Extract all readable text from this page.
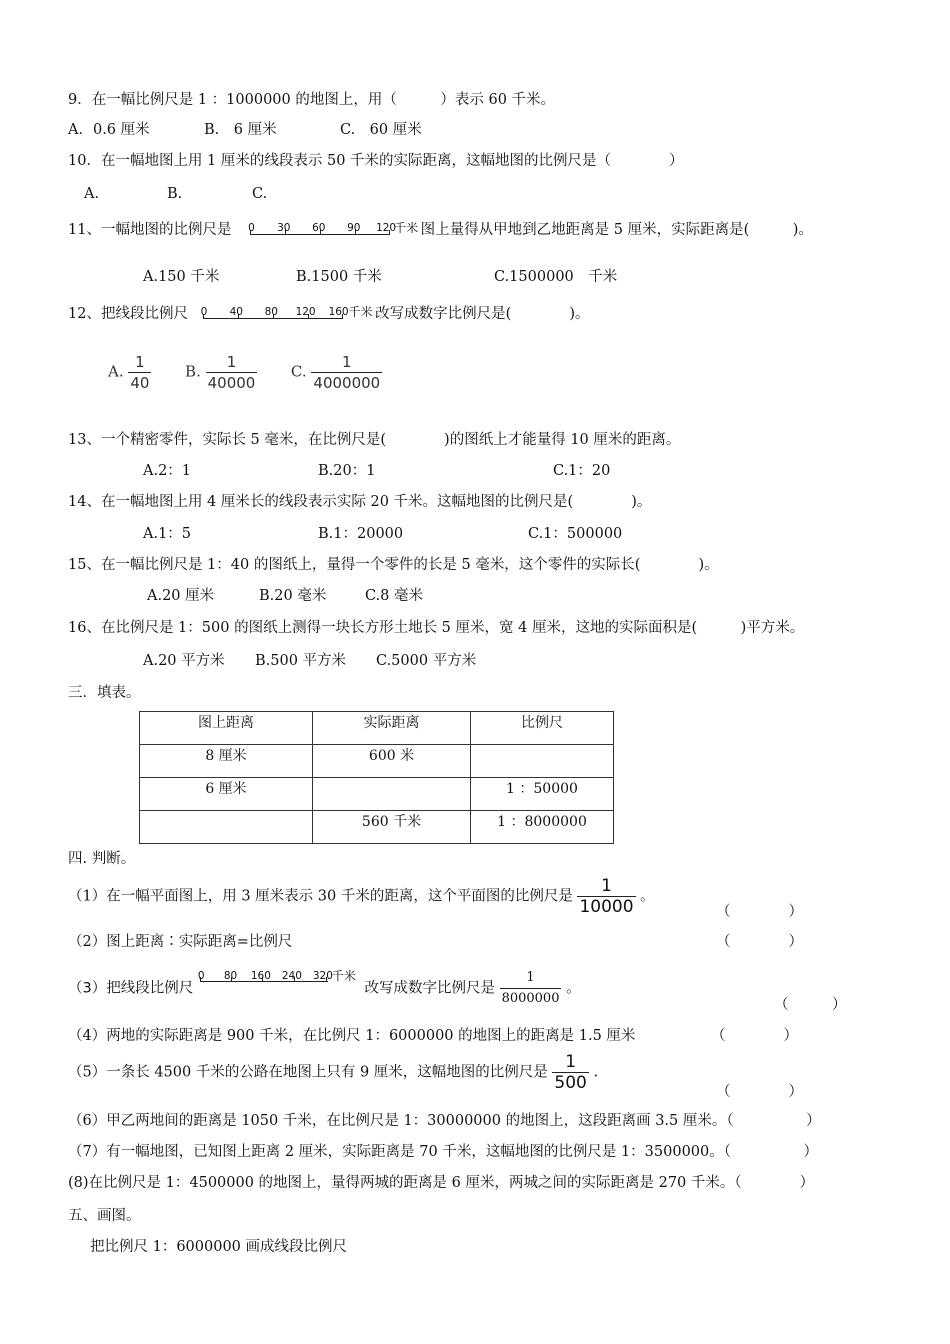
9．在一幅比例尺是 1 ：1000000 的地图上，用（　　　）表示 60 千米。
A．0.6 厘米	B.　6 厘米	C.　60 厘米
10．在一幅地图上用 1 厘米的线段表示 50 千米的实际距离，这幅地图的比例尺是（　　　　）
A.	B.	C.
11、一幅地图的比例尺是 0 30 60 90 120
千米 图上量得从甲地到乙地距离是 5 厘米，实际距离是(　　　)。
A.150 千米	B.1500 千米	C.1500000　千米
12、把线段比例尺 0 40 80 120 160 千米 改写成数字比例尺是(　　　　)。
A. $\frac{1}{40} B$. $\frac{1}{40000} C$. $\frac{1}{4000000}$
13、一个精密零件，实际长 5 毫米，在比例尺是(　　　　)的图纸上才能量得 10 厘米的距离。
A.2：1	B.20：1	C.1：20
14、在一幅地图上用 4 厘米长的线段表示实际 20 千米。这幅地图的比例尺是(　　　　)。
A.1：5	B.1：20000	C.1：500000
15、在一幅比例尺是 1：40 的图纸上，量得一个零件的长是 5 毫米，这个零件的实际长(　　　　)。
A.20 厘米	B.20 毫米	C.8 毫米
16、在比例尺是 1：500 的图纸上测得一块长方形土地长 5 厘米，宽 4 厘米，这地的实际面积是(　　　)平方米。
A.20 平方米 B.500 平方米 C.5000 平方米
三．填表。
图上距离	实际距离	比例尺
8 厘米	600 米	
6 厘米		1 ：50000
	560 千米	1 ：8000000
四. 判断。
（1）在一幅平面图上，用 3 厘米表示 30 千米的距离，这个平面图的比例尺是 $\frac{1}{10000}$ 。
（　　　　）
（2）图上距离∶实际距离=比例尺	（　　　　）
（3）把线段比例尺
0 80 160 240 320
千米
改写成数字比例尺是 $\frac{1}{8000000}$ 。
（　　　）
（4）两地的实际距离是 900 千米，在比例尺 1：6000000 的地图上的距离是 1.5 厘米	（　　　　）
（5）一条长 4500 千米的公路在地图上只有 9 厘米，这幅地图的比例尺是 $\frac{1}{500}$ .
（　　　　）
（6）甲乙两地间的距离是 1050 千米，在比例尺是 1：30000000 的地图上，这段距离画 3.5 厘米。（　　　　　）
（7）有一幅地图，已知图上距离 2 厘米，实际距离是 70 千米，这幅地图的比例尺是 1：3500000。（　　　　　）
(8)在比例尺是 1：4500000 的地图上，量得两城的距离是 6 厘米，两城之间的实际距离是 270 千米。（　　　　）
五、画图。
把比例尺 1：6000000 画成线段比例尺
